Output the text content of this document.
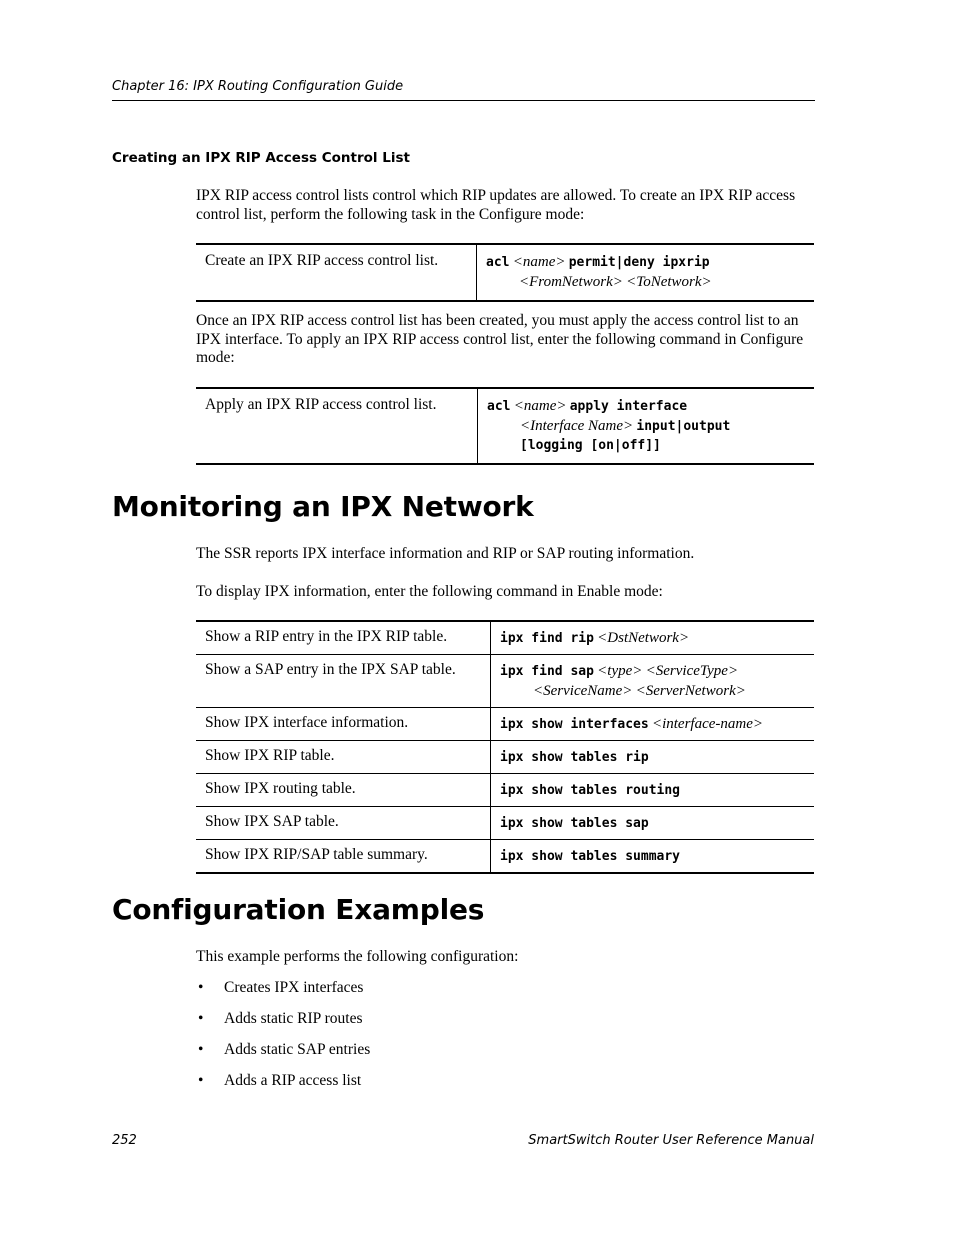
Chapter 16: IPX Routing Configuration Guide
Creating an IPX RIP Access Control List
IPX RIP access control lists control which RIP updates are allowed. To create an IPX RIP access control list, perform the following task in the Configure mode:
Create an IPX RIP access control list.	acl <name> permit|deny ipxrip
<FromNetwork> <ToNetwork>
Once an IPX RIP access control list has been created, you must apply the access control list to an IPX interface. To apply an IPX RIP access control list, enter the following command in Configure mode:
Apply an IPX RIP access control list.	acl <name> apply interface
<Interface Name> input|output
[logging [on|off]]
Monitoring an IPX Network
The SSR reports IPX interface information and RIP or SAP routing information.
To display IPX information, enter the following command in Enable mode:
Show a RIP entry in the IPX RIP table.	ipx find rip <DstNetwork>
Show a SAP entry in the IPX SAP table.	ipx find sap <type> <ServiceType>
<ServiceName> <ServerNetwork>

Show IPX interface information.	ipx show interfaces <interface-name>
Show IPX RIP table.	ipx show tables rip
Show IPX routing table.	ipx show tables routing
Show IPX SAP table.	ipx show tables sap
Show IPX RIP/SAP table summary.	ipx show tables summary
Configuration Examples
This example performs the following configuration:
• Creates IPX interfaces
• Adds static RIP routes
• Adds static SAP entries
• Adds a RIP access list
252	SmartSwitch Router User Reference Manual
